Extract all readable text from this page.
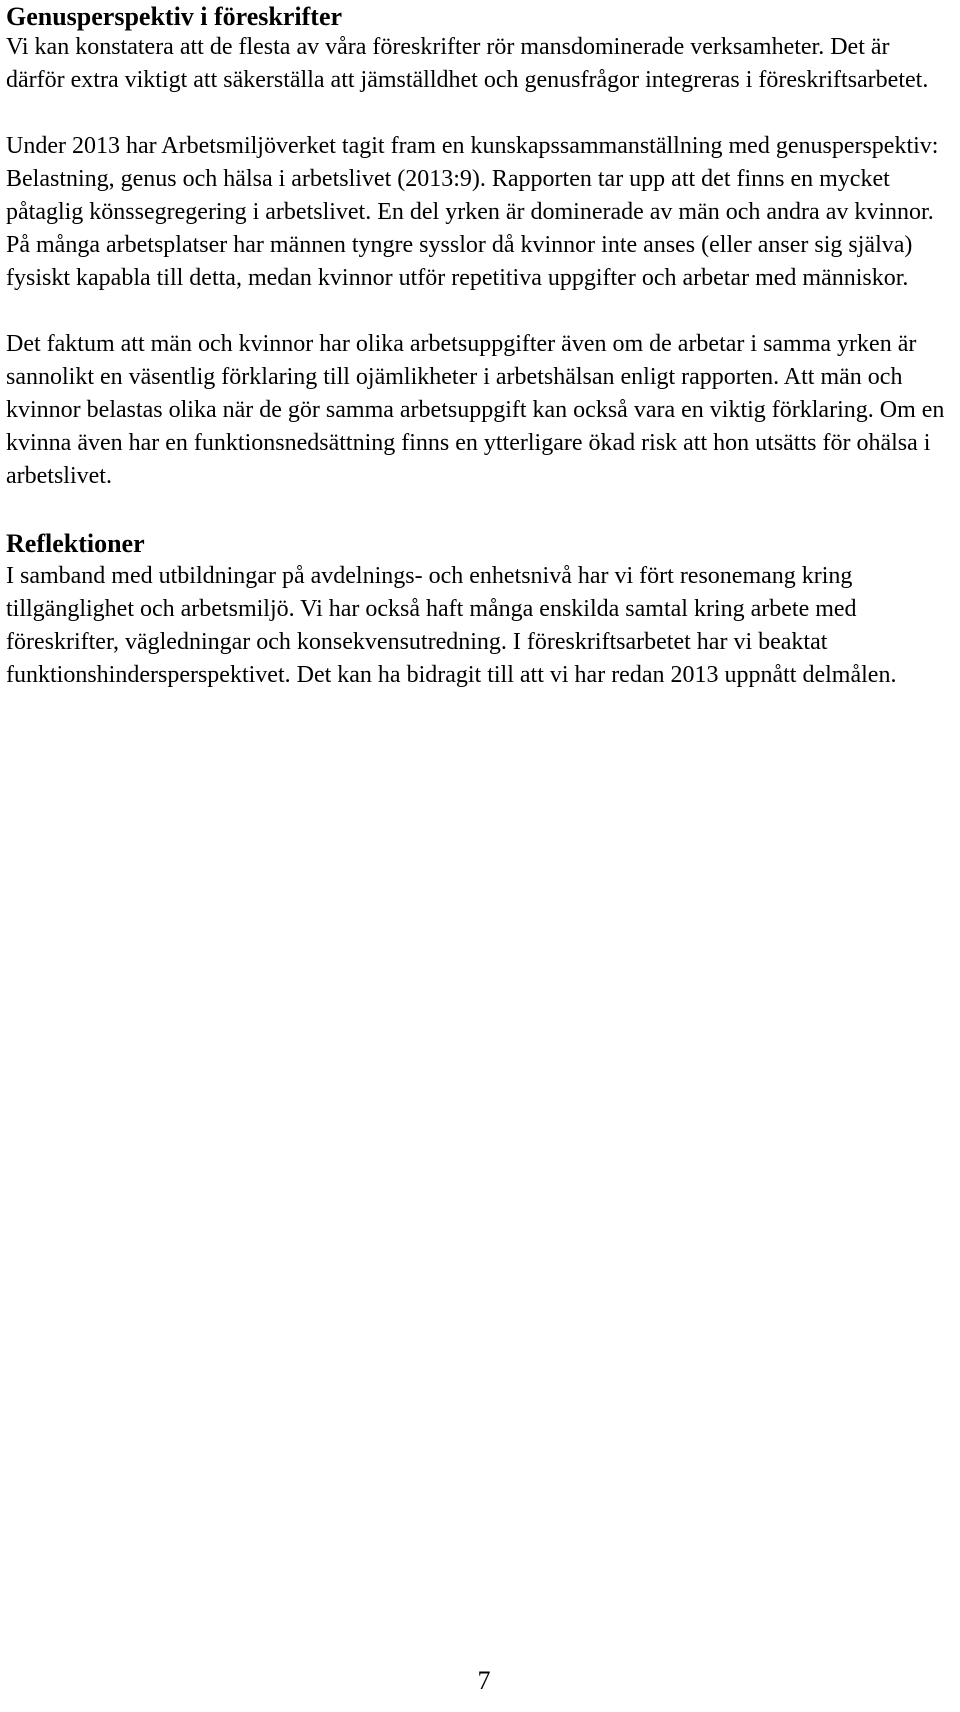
Genusperspektiv i föreskrifter

Vi kan konstatera att de flesta av våra föreskrifter rör mansdominerade verksamheter. Det är därför extra viktigt att säkerställa att jämställdhet och genusfrågor integreras i föreskriftsarbetet.

Under 2013 har Arbetsmiljöverket tagit fram en kunskapssammanställning med genusperspektiv: Belastning, genus och hälsa i arbetslivet (2013:9). Rapporten tar upp att det finns en mycket påtaglig könssegregering i arbetslivet. En del yrken är dominerade av män och andra av kvinnor. På många arbetsplatser har männen tyngre sysslor då kvinnor inte anses (eller anser sig själva) fysiskt kapabla till detta, medan kvinnor utför repetitiva uppgifter och arbetar med människor.

Det faktum att män och kvinnor har olika arbetsuppgifter även om de arbetar i samma yrken är sannolikt en väsentlig förklaring till ojämlikheter i arbetshälsan enligt rapporten. Att män och kvinnor belastas olika när de gör samma arbetsuppgift kan också vara en viktig förklaring. Om en kvinna även har en funktionsnedsättning finns en ytterligare ökad risk att hon utsätts för ohälsa i arbetslivet.

Reflektioner

I samband med utbildningar på avdelnings- och enhetsnivå har vi fört resonemang kring tillgänglighet och arbetsmiljö. Vi har också haft många enskilda samtal kring arbete med föreskrifter, vägledningar och konsekvensutredning. I föreskriftsarbetet har vi beaktat funktionshindersperspektivet. Det kan ha bidragit till att vi har redan 2013 uppnått delmålen.

7
